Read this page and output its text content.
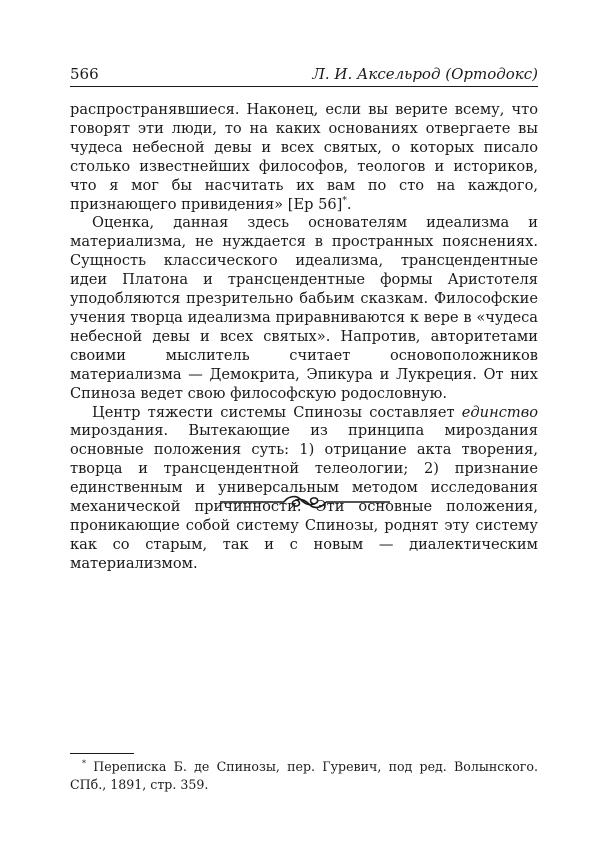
566	Л. И. Аксельрод (Ортодокс)

распространявшиеся. Наконец, если вы верите всему, что говорят эти люди, то на каких основаниях отвергаете вы чудеса небесной девы и всех святых, о которых писало столько известнейших философов, теологов и историков, что я мог бы насчитать их вам по сто на каждого, признающего привидения» [Ep 56]*.

Оценка, данная здесь основателям идеализма и материализма, не нуждается в пространных пояснениях. Сущность классического идеализма, трансцендентные идеи Платона и трансцендентные формы Аристотеля уподобляются презрительно бабьим сказкам. Философские учения творца идеализма приравниваются к вере в «чудеса небесной девы и всех святых». Напротив, авторитетами своими мыслитель считает основоположников материализма — Демокрита, Эпикура и Лукреция. От них Спиноза ведет свою философскую родословную.

Центр тяжести системы Спинозы составляет единство мироздания. Вытекающие из принципа мироздания основные положения суть: 1) отрицание акта творения, творца и трансцендентной телеологии; 2) признание единственным и универсальным методом исследования механической причинности. Эти основные положения, проникающие собой систему Спинозы, роднят эту систему как со старым, так и с новым — диалектическим материализмом.

* Переписка Б. де Спинозы, пер. Гуревич, под ред. Волынского. СПб., 1891, стр. 359.
